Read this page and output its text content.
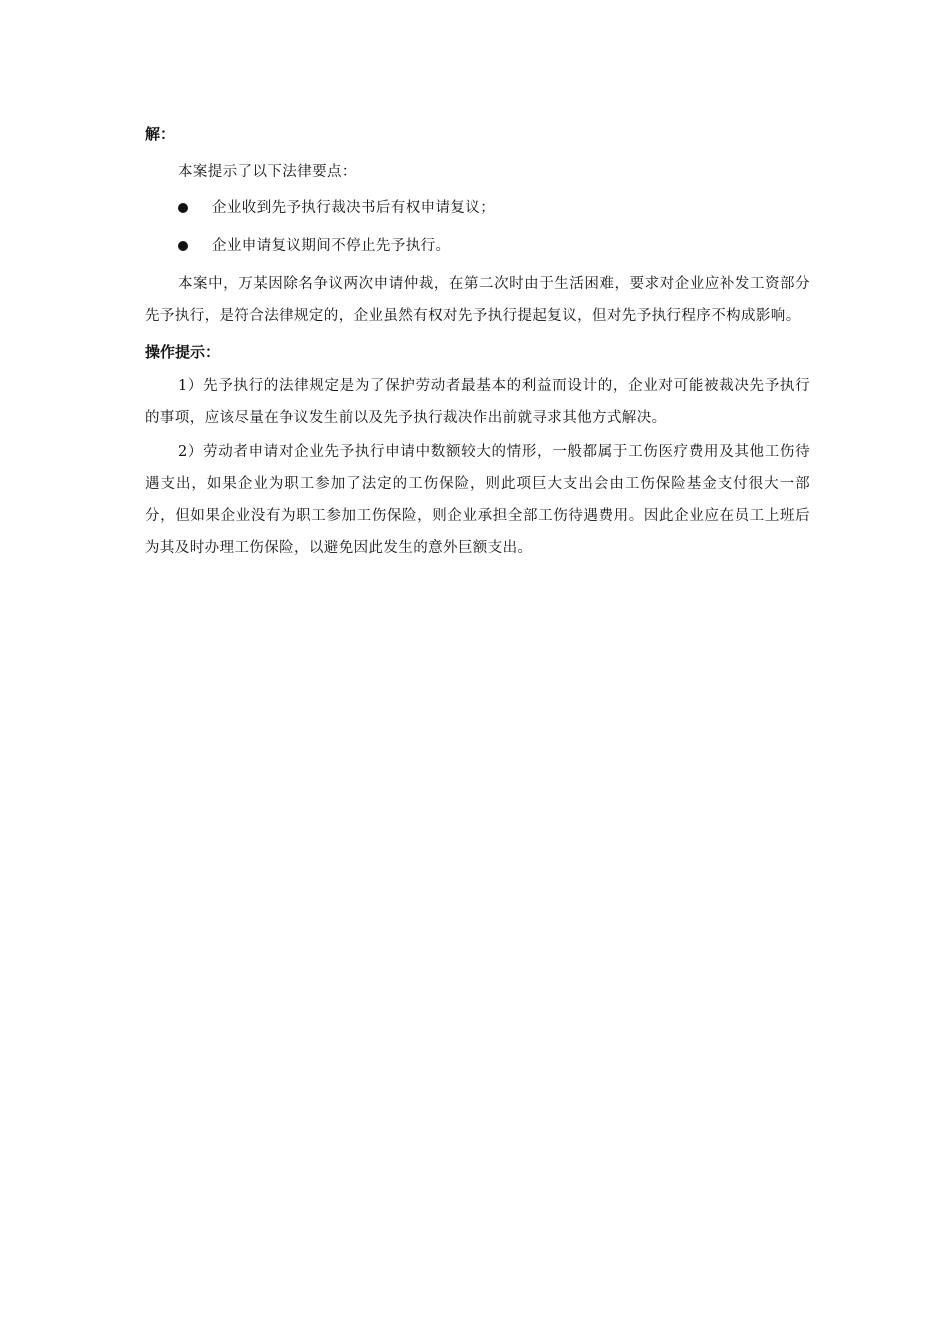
解：

本案提示了以下法律要点：

企业收到先予执行裁决书后有权申请复议；
企业申请复议期间不停止先予执行。

本案中，万某因除名争议两次申请仲裁，在第二次时由于生活困难，要求对企业应补发工资部分先予执行，是符合法律规定的，企业虽然有权对先予执行提起复议，但对先予执行程序不构成影响。

操作提示：

1）先予执行的法律规定是为了保护劳动者最基本的利益而设计的，企业对可能被裁决先予执行的事项，应该尽量在争议发生前以及先予执行裁决作出前就寻求其他方式解决。

2）劳动者申请对企业先予执行申请中数额较大的情形，一般都属于工伤医疗费用及其他工伤待遇支出，如果企业为职工参加了法定的工伤保险，则此项巨大支出会由工伤保险基金支付很大一部分，但如果企业没有为职工参加工伤保险，则企业承担全部工伤待遇费用。因此企业应在员工上班后为其及时办理工伤保险，以避免因此发生的意外巨额支出。
